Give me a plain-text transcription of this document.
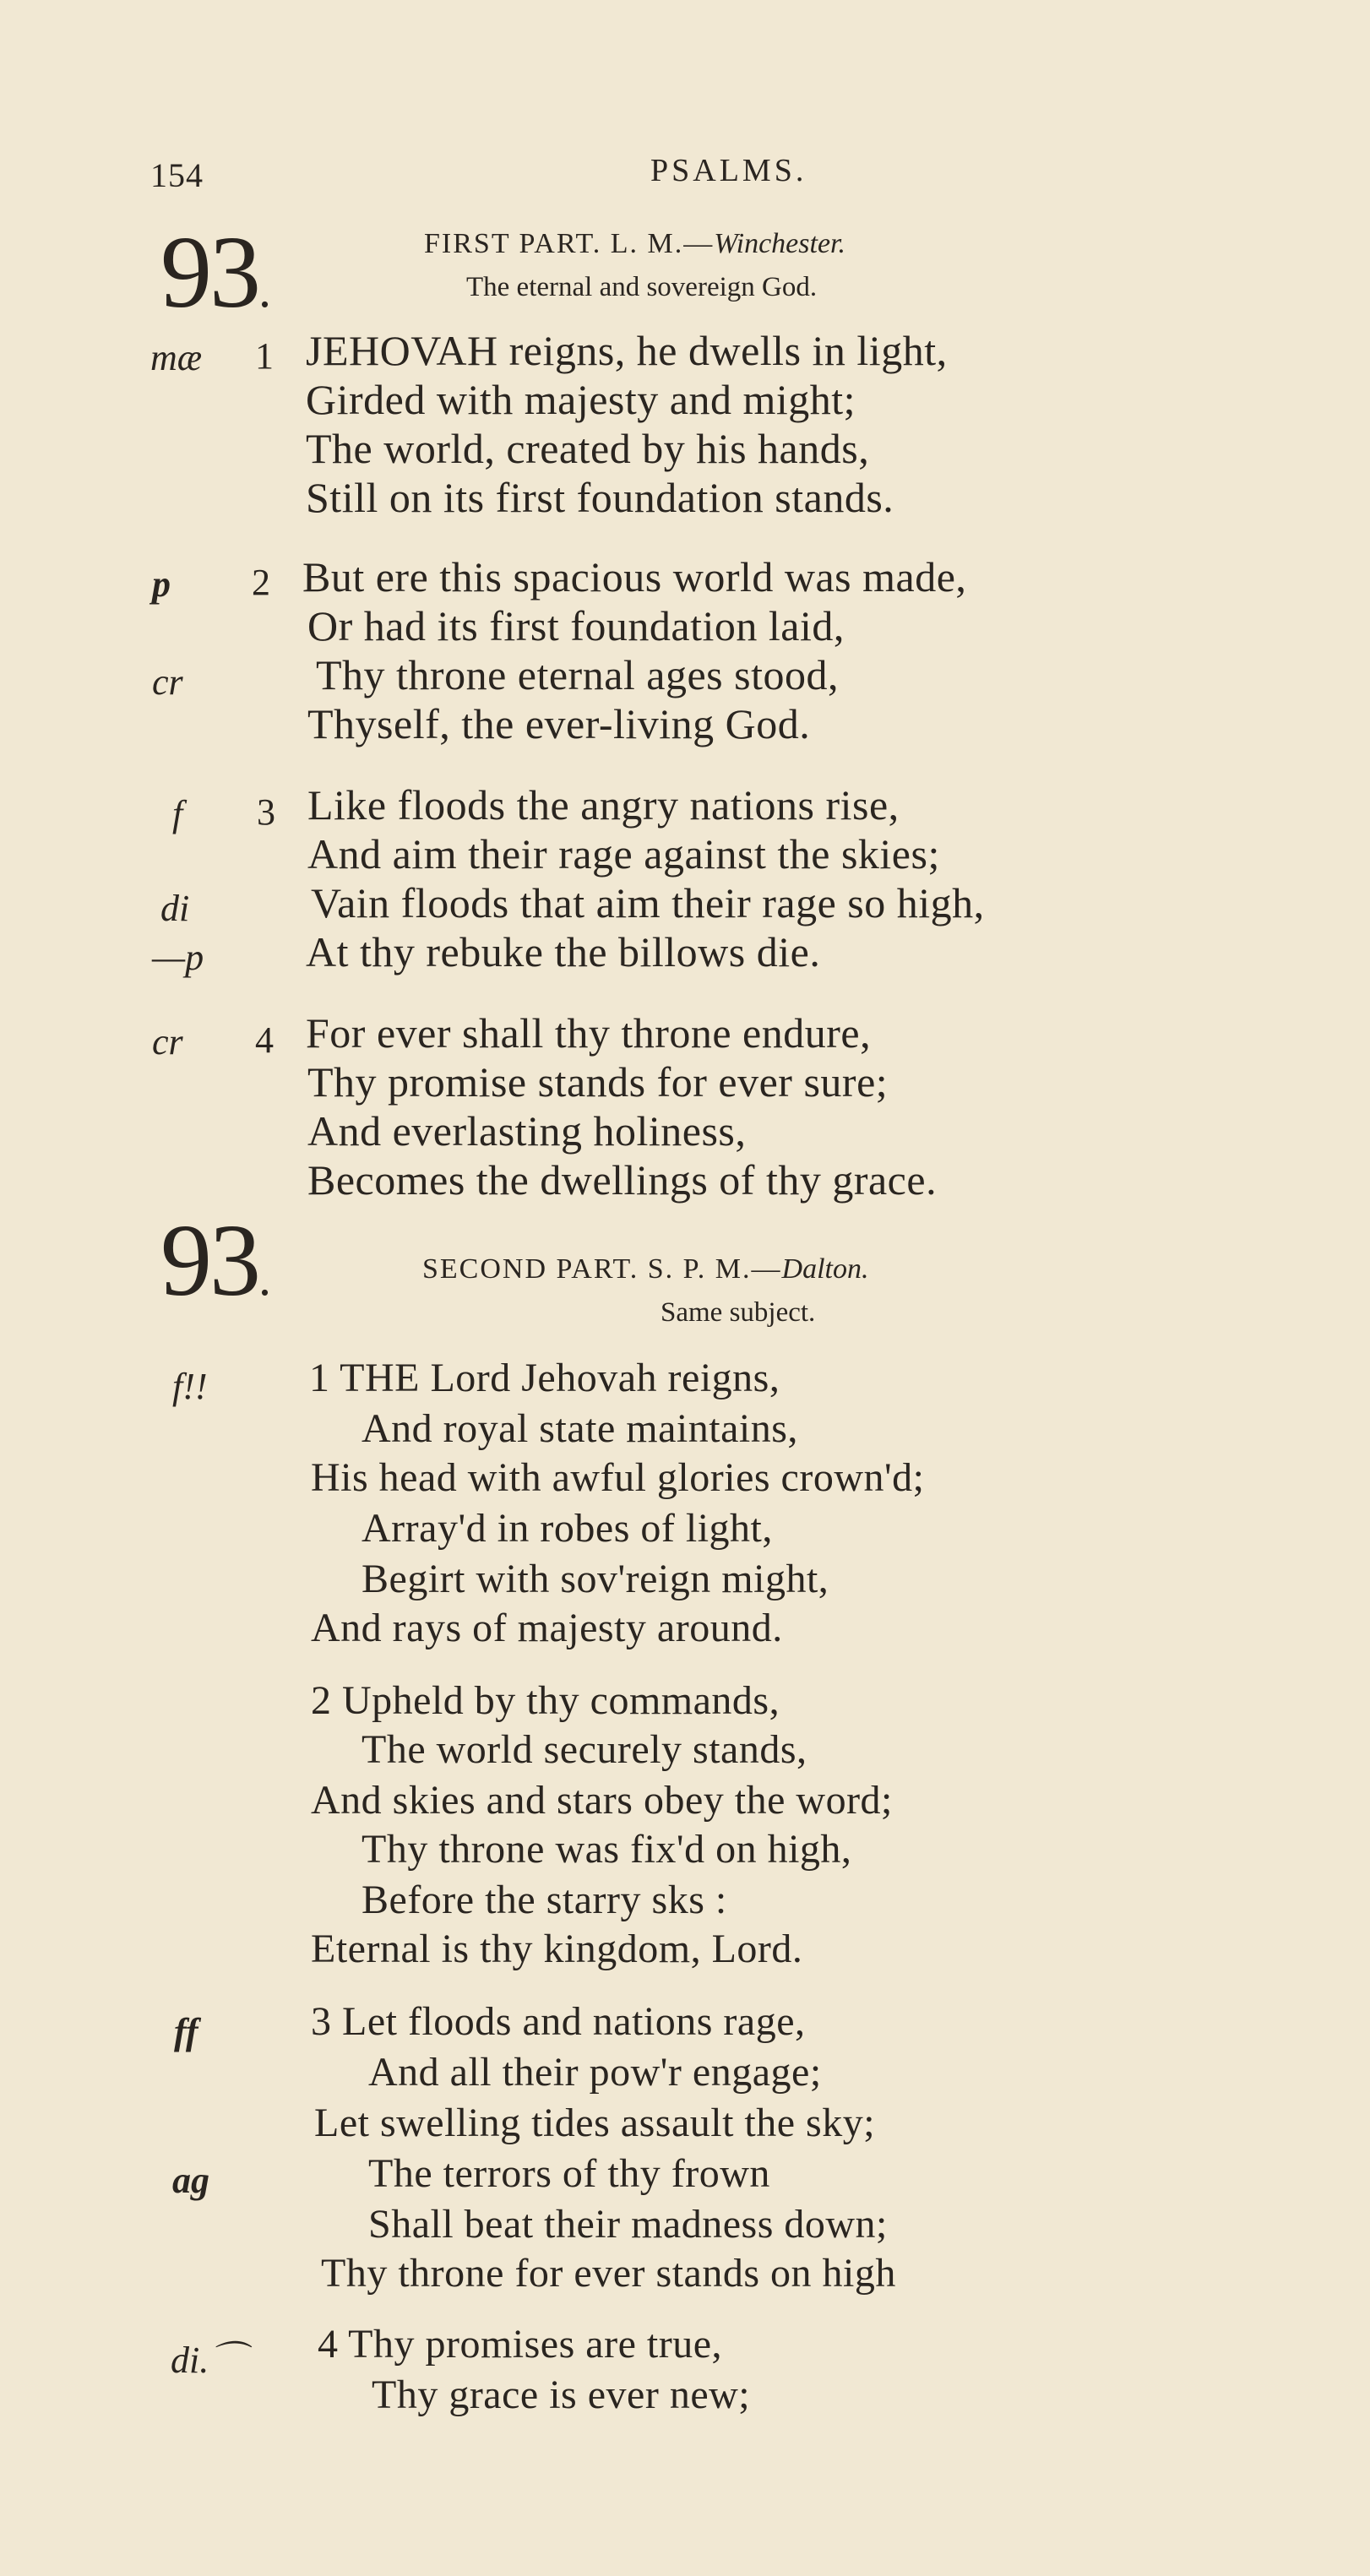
154	PSALMS.
93.
FIRST PART. L. M.—Winchester.
The eternal and sovereign God.
mæ 1 JEHOVAH reigns, he dwells in light,
Girded with majesty and might;
The world, created by his hands,
Still on its first foundation stands.
p 2 But ere this spacious world was made,
Or had its first foundation laid,
cr	Thy throne eternal ages stood,
Thyself, the ever-living God.
f 3 Like floods the angry nations rise,
And aim their rage against the skies;
di	Vain floods that aim their rage so high,
—p At thy rebuke the billows die.
cr 4 For ever shall thy throne endure,
Thy promise stands for ever sure;
And everlasting holiness,
Becomes the dwellings of thy grace.
93.	SECOND PART. S. P. M.—Dalton.
Same subject.
f!!	1 THE Lord Jehovah reigns,
And royal state maintains,
His head with awful glories crown'd;
Array'd in robes of light,
Begirt with sov'reign might,
And rays of majesty around.
2 Upheld by thy commands,
The world securely stands,
And skies and stars obey the word;
Thy throne was fix'd on high,
Before the starry sks :
Eternal is thy kingdom, Lord.
ff	3 Let floods and nations rage,
And all their pow'r engage;
Let swelling tides assault the sky;
ag	The terrors of thy frown
Shall beat their madness down;
Thy throne for ever stands on high
di.⌒ 4 Thy promises are true,
Thy grace is ever new;
